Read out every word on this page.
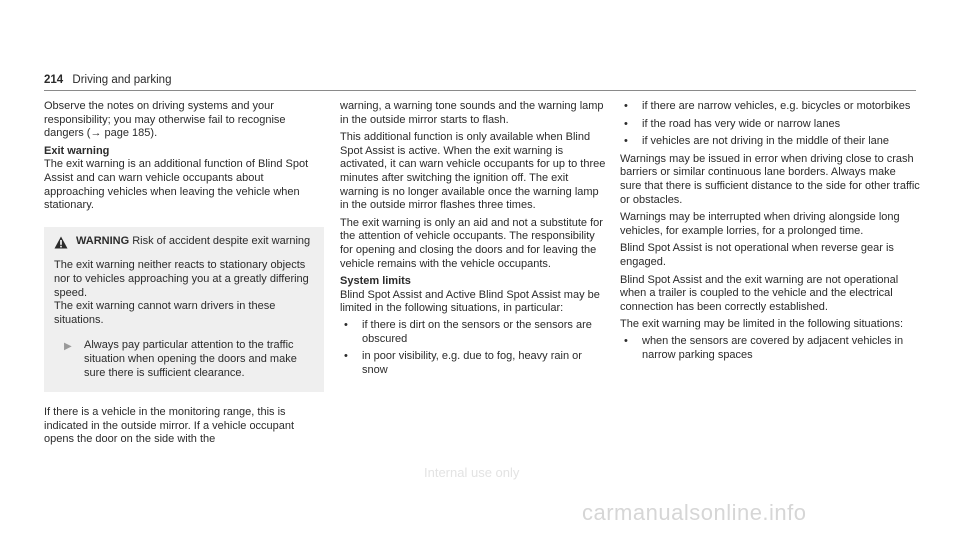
214 Driving and parking

Observe the notes on driving systems and your responsibility; you may otherwise fail to recognise dangers (→ page 185).

Exit warning

The exit warning is an additional function of Blind Spot Assist and can warn vehicle occupants about approaching vehicles when leaving the vehicle when stationary.

WARNING Risk of accident despite exit warning

The exit warning neither reacts to stationary objects nor to vehicles approaching you at a greatly differing speed.

The exit warning cannot warn drivers in these situations.

▶ Always pay particular attention to the traffic situation when opening the doors and make sure there is sufficient clearance.

If there is a vehicle in the monitoring range, this is indicated in the outside mirror. If a vehicle occupant opens the door on the side with the

warning, a warning tone sounds and the warning lamp in the outside mirror starts to flash.

This additional function is only available when Blind Spot Assist is active. When the exit warning is activated, it can warn vehicle occupants for up to three minutes after switching the ignition off. The exit warning is no longer available once the warning lamp in the outside mirror flashes three times.

The exit warning is only an aid and not a substitute for the attention of vehicle occupants. The responsibility for opening and closing the doors and for leaving the vehicle remains with the vehicle occupants.

System limits

Blind Spot Assist and Active Blind Spot Assist may be limited in the following situations, in particular:

•	if there is dirt on the sensors or the sensors are obscured
•	in poor visibility, e.g. due to fog, heavy rain or snow
•	if there are narrow vehicles, e.g. bicycles or motorbikes
•	if the road has very wide or narrow lanes
•	if vehicles are not driving in the middle of their lane

Warnings may be issued in error when driving close to crash barriers or similar continuous lane borders. Always make sure that there is sufficient distance to the side for other traffic or obstacles.

Warnings may be interrupted when driving alongside long vehicles, for example lorries, for a prolonged time.

Blind Spot Assist is not operational when reverse gear is engaged.

Blind Spot Assist and the exit warning are not operational when a trailer is coupled to the vehicle and the electrical connection has been correctly established.

The exit warning may be limited in the following situations:

•	when the sensors are covered by adjacent vehicles in narrow parking spaces
Internal use only
carmanualsonline.info
